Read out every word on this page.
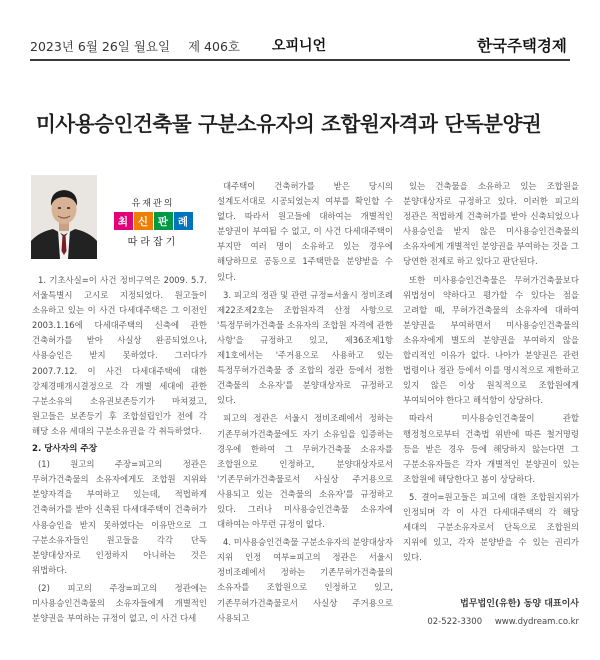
2023년 6월 26일 월요일 제 406호 오피니언	한국주택경제
미사용승인건축물 구분소유자의 조합원자격과 단독분양권
유재관의
최 신 판 례
따라잡기

1. 기초사실=이 사건 정비구역은 2009. 5.7. 서울특별시 고시로 지정되었다. 원고들이 소유하고 있는 이 사건 다세대주택은 그 이전인 2003.1.16에 다세대주택의 신축에 관한 건축허가를 받아 사실상 완공되었으나, 사용승인은 받지 못하였다. 그러다가 2007.7.12. 이 사건 다세대주택에 대한 강제경매개시결정으로 각 개별 세대에 관한 구분소유의 소유권보존등기가 마쳐졌고, 원고들은 보존등기 후 조합설립인가 전에 각 해당 소유 세대의 구분소유권을 각 취득하였다.

2. 당사자의 주장

(1) 원고의 주장=피고의 정관은 무허가건축물의 소유자에게도 조합원 지위와 분양자격을 부여하고 있는데, 적법하게 건축허가를 받아 신축된 다세대주택이 건축허가 사용승인을 받지 못하였다는 이유만으로 그 구분소유자들인 원고들을 각각 단독 분양대상자로 인정하지 아니하는 것은 위법하다.

(2) 피고의 주장=피고의 정관에는 미사용승인건축물의 소유자들에게 개별적인 분양권을 부여하는 규정이 없고, 이 사건 다세

대주택이 건축허가를 받은 당시의 설계도서대로 시공되었는지 여부를 확인할 수 없다. 따라서 원고들에 대하여는 개별적인 분양권이 부여될 수 없고, 이 사건 다세대주택이 부지만 여러 명이 소유하고 있는 경우에 해당하므로 공동으로 1주택만을 분양받을 수 있다.

3. 피고의 정관 및 관련 규정=서울시 정비조례 제22조제2호는 조합원자격 산정 사항으로 '특정무허가건축물 소유자의 조합원 자격에 관한 사항'을 규정하고 있고, 제36조제1항 제1호에서는 '주거용으로 사용하고 있는 특정무허가건축물 중 조합의 정관 등에서 정한 건축물의 소유자'를 분양대상자로 규정하고 있다.

피고의 정관은 서울시 정비조례에서 정하는 기존무허가건축물에도 자기 소유임을 입증하는 경우에 한하여 그 무허가건축물 소유자를 조합원으로 인정하고, 분양대상자로서 '기존무허가건축물로서 사실상 주거용으로 사용되고 있는 건축물의 소유자'를 규정하고 있다. 그러나 미사용승인건축물 소유자에 대하여는 아무런 규정이 없다.

4. 미사용승인건축물 구분소유자의 분양대상자 지위 인정 여부=피고의 정관은 서울시 정비조례에서 정하는 기존무허가건축물의 소유자를 조합원으로 인정하고 있고, 기존무허가건축물로서 사실상 주거용으로 사용되고

있는 건축물을 소유하고 있는 조합원을 분양대상자로 규정하고 있다. 이러한 피고의 정관은 적법하게 건축허가를 받아 신축되었으나 사용승인을 받지 않은 미사용승인건축물의 소유자에게 개별적인 분양권을 부여하는 것을 그 당연한 전제로 하고 있다고 판단된다.

또한 미사용승인건축물은 무허가건축물보다 위법성이 약하다고 평가할 수 있다는 점을 고려할 때, 무허가건축물의 소유자에 대하여 분양권을 부여하면서 미사용승인건축물의 소유자에게 별도의 분양권을 부여하지 않을 합리적인 이유가 없다. 나아가 분양권은 관련 법령이나 정관 등에서 이를 명시적으로 제한하고 있지 않은 이상 원칙적으로 조합원에게 부여되어야 한다고 해석함이 상당하다.

따라서 미사용승인건축물이 관할 행정청으로부터 건축법 위반에 따른 철거명령 등을 받은 경우 등에 해당하지 않는다면 그 구분소유자들은 각자 개별적인 분양권이 있는 조합원에 해당한다고 봄이 상당하다.

5. 결어=원고들은 피고에 대한 조합원지위가 인정되며 각 이 사건 다세대주택의 각 해당 세대의 구분소유자로서 단독으로 조합원의 지위에 있고, 각자 분양받을 수 있는 권리가 있다.

법무법인(유한) 동양 대표이사
02-522-3300 www.dydream.co.kr
